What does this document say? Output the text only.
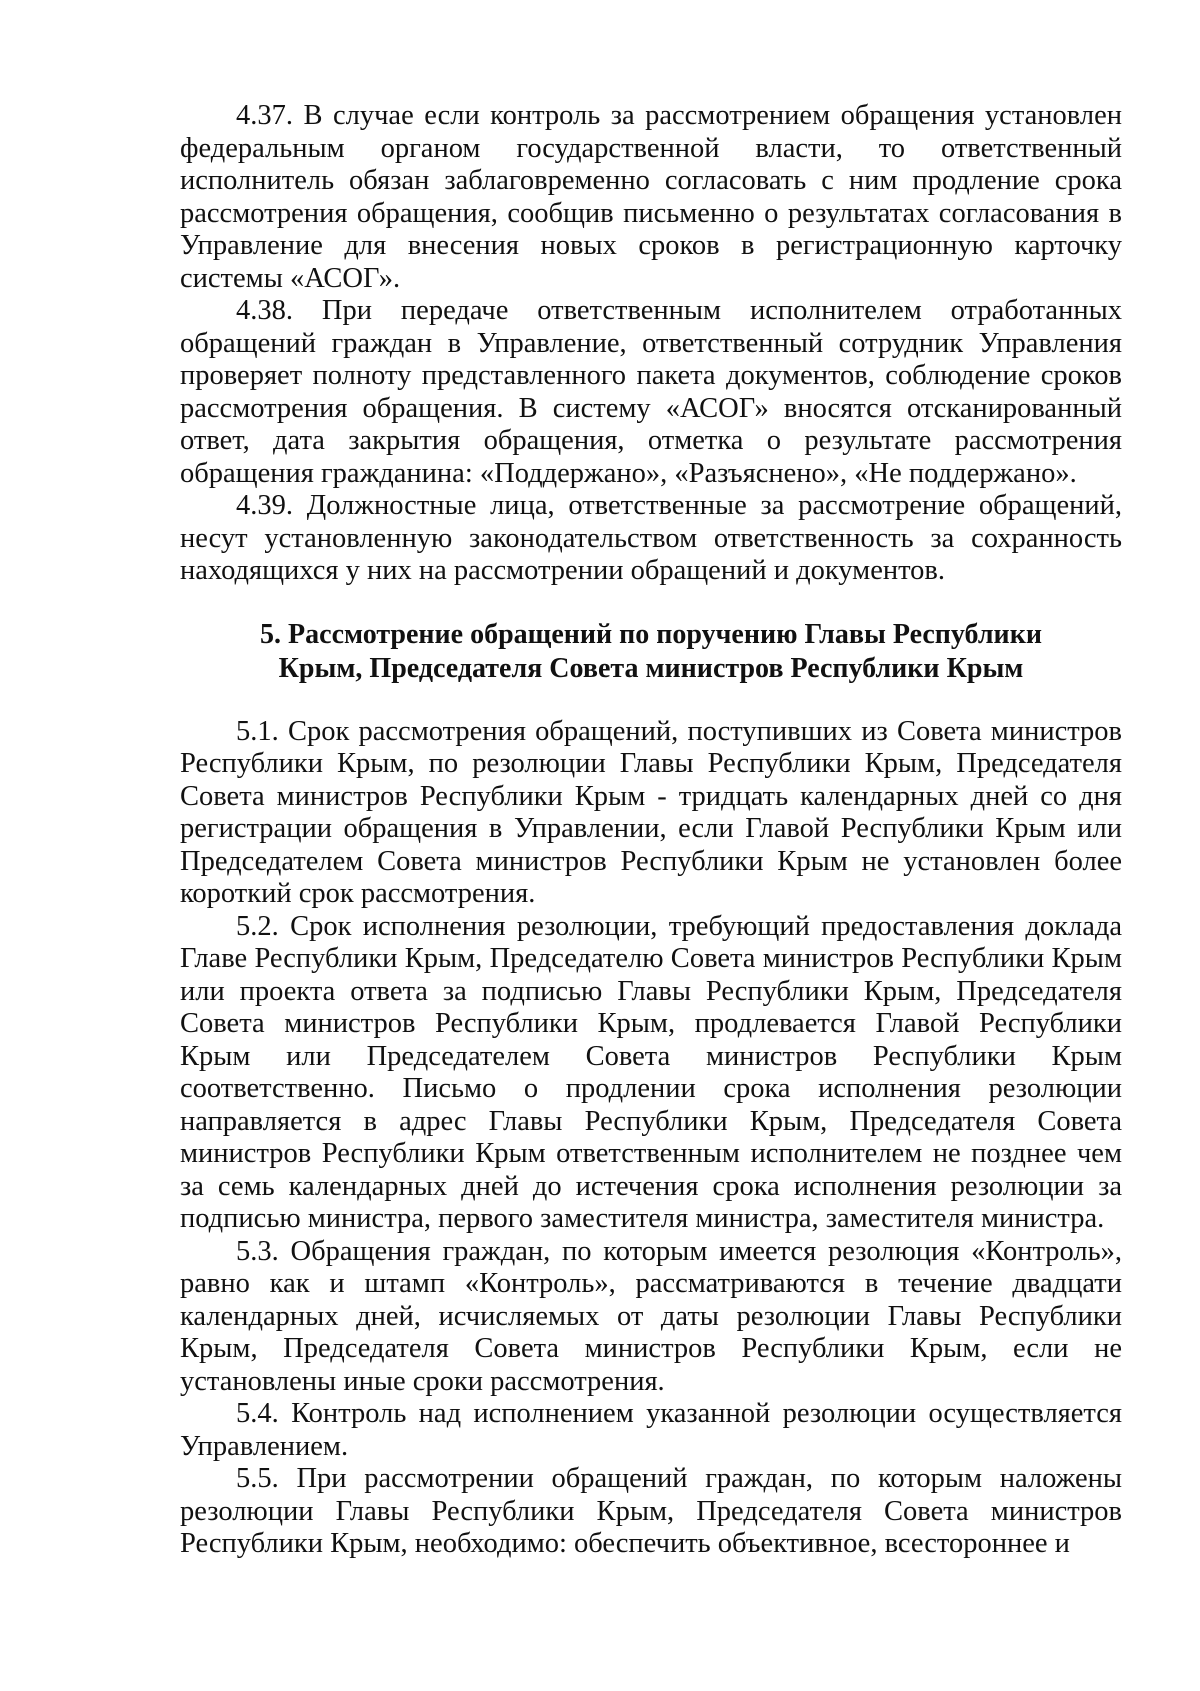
4.37. В случае если контроль за рассмотрением обращения установлен федеральным органом государственной власти, то ответственный исполнитель обязан заблаговременно согласовать с ним продление срока рассмотрения обращения, сообщив письменно о результатах согласования в Управление для внесения новых сроков в регистрационную карточку системы «АСОГ».

4.38. При передаче ответственным исполнителем отработанных обращений граждан в Управление, ответственный сотрудник Управления проверяет полноту представленного пакета документов, соблюдение сроков рассмотрения обращения. В систему «АСОГ» вносятся отсканированный ответ, дата закрытия обращения, отметка о результате рассмотрения обращения гражданина: «Поддержано», «Разъяснено», «Не поддержано».

4.39. Должностные лица, ответственные за рассмотрение обращений, несут установленную законодательством ответственность за сохранность находящихся у них на рассмотрении обращений и документов.

5. Рассмотрение обращений по поручению Главы Республики
Крым, Председателя Совета министров Республики Крым

5.1. Срок рассмотрения обращений, поступивших из Совета министров Республики Крым, по резолюции Главы Республики Крым, Председателя Совета министров Республики Крым - тридцать календарных дней со дня регистрации обращения в Управлении, если Главой Республики Крым или Председателем Совета министров Республики Крым не установлен более короткий срок рассмотрения.

5.2. Срок исполнения резолюции, требующий предоставления доклада Главе Республики Крым, Председателю Совета министров Республики Крым или проекта ответа за подписью Главы Республики Крым, Председателя Совета министров Республики Крым, продлевается Главой Республики Крым или Председателем Совета министров Республики Крым соответственно. Письмо о продлении срока исполнения резолюции направляется в адрес Главы Республики Крым, Председателя Совета министров Республики Крым ответственным исполнителем не позднее чем за семь календарных дней до истечения срока исполнения резолюции за подписью министра, первого заместителя министра, заместителя министра.

5.3. Обращения граждан, по которым имеется резолюция «Контроль», равно как и штамп «Контроль», рассматриваются в течение двадцати календарных дней, исчисляемых от даты резолюции Главы Республики Крым, Председателя Совета министров Республики Крым, если не установлены иные сроки рассмотрения.

5.4. Контроль над исполнением указанной резолюции осуществляется Управлением.

5.5. При рассмотрении обращений граждан, по которым наложены резолюции Главы Республики Крым, Председателя Совета министров Республики Крым, необходимо: обеспечить объективное, всестороннее и
